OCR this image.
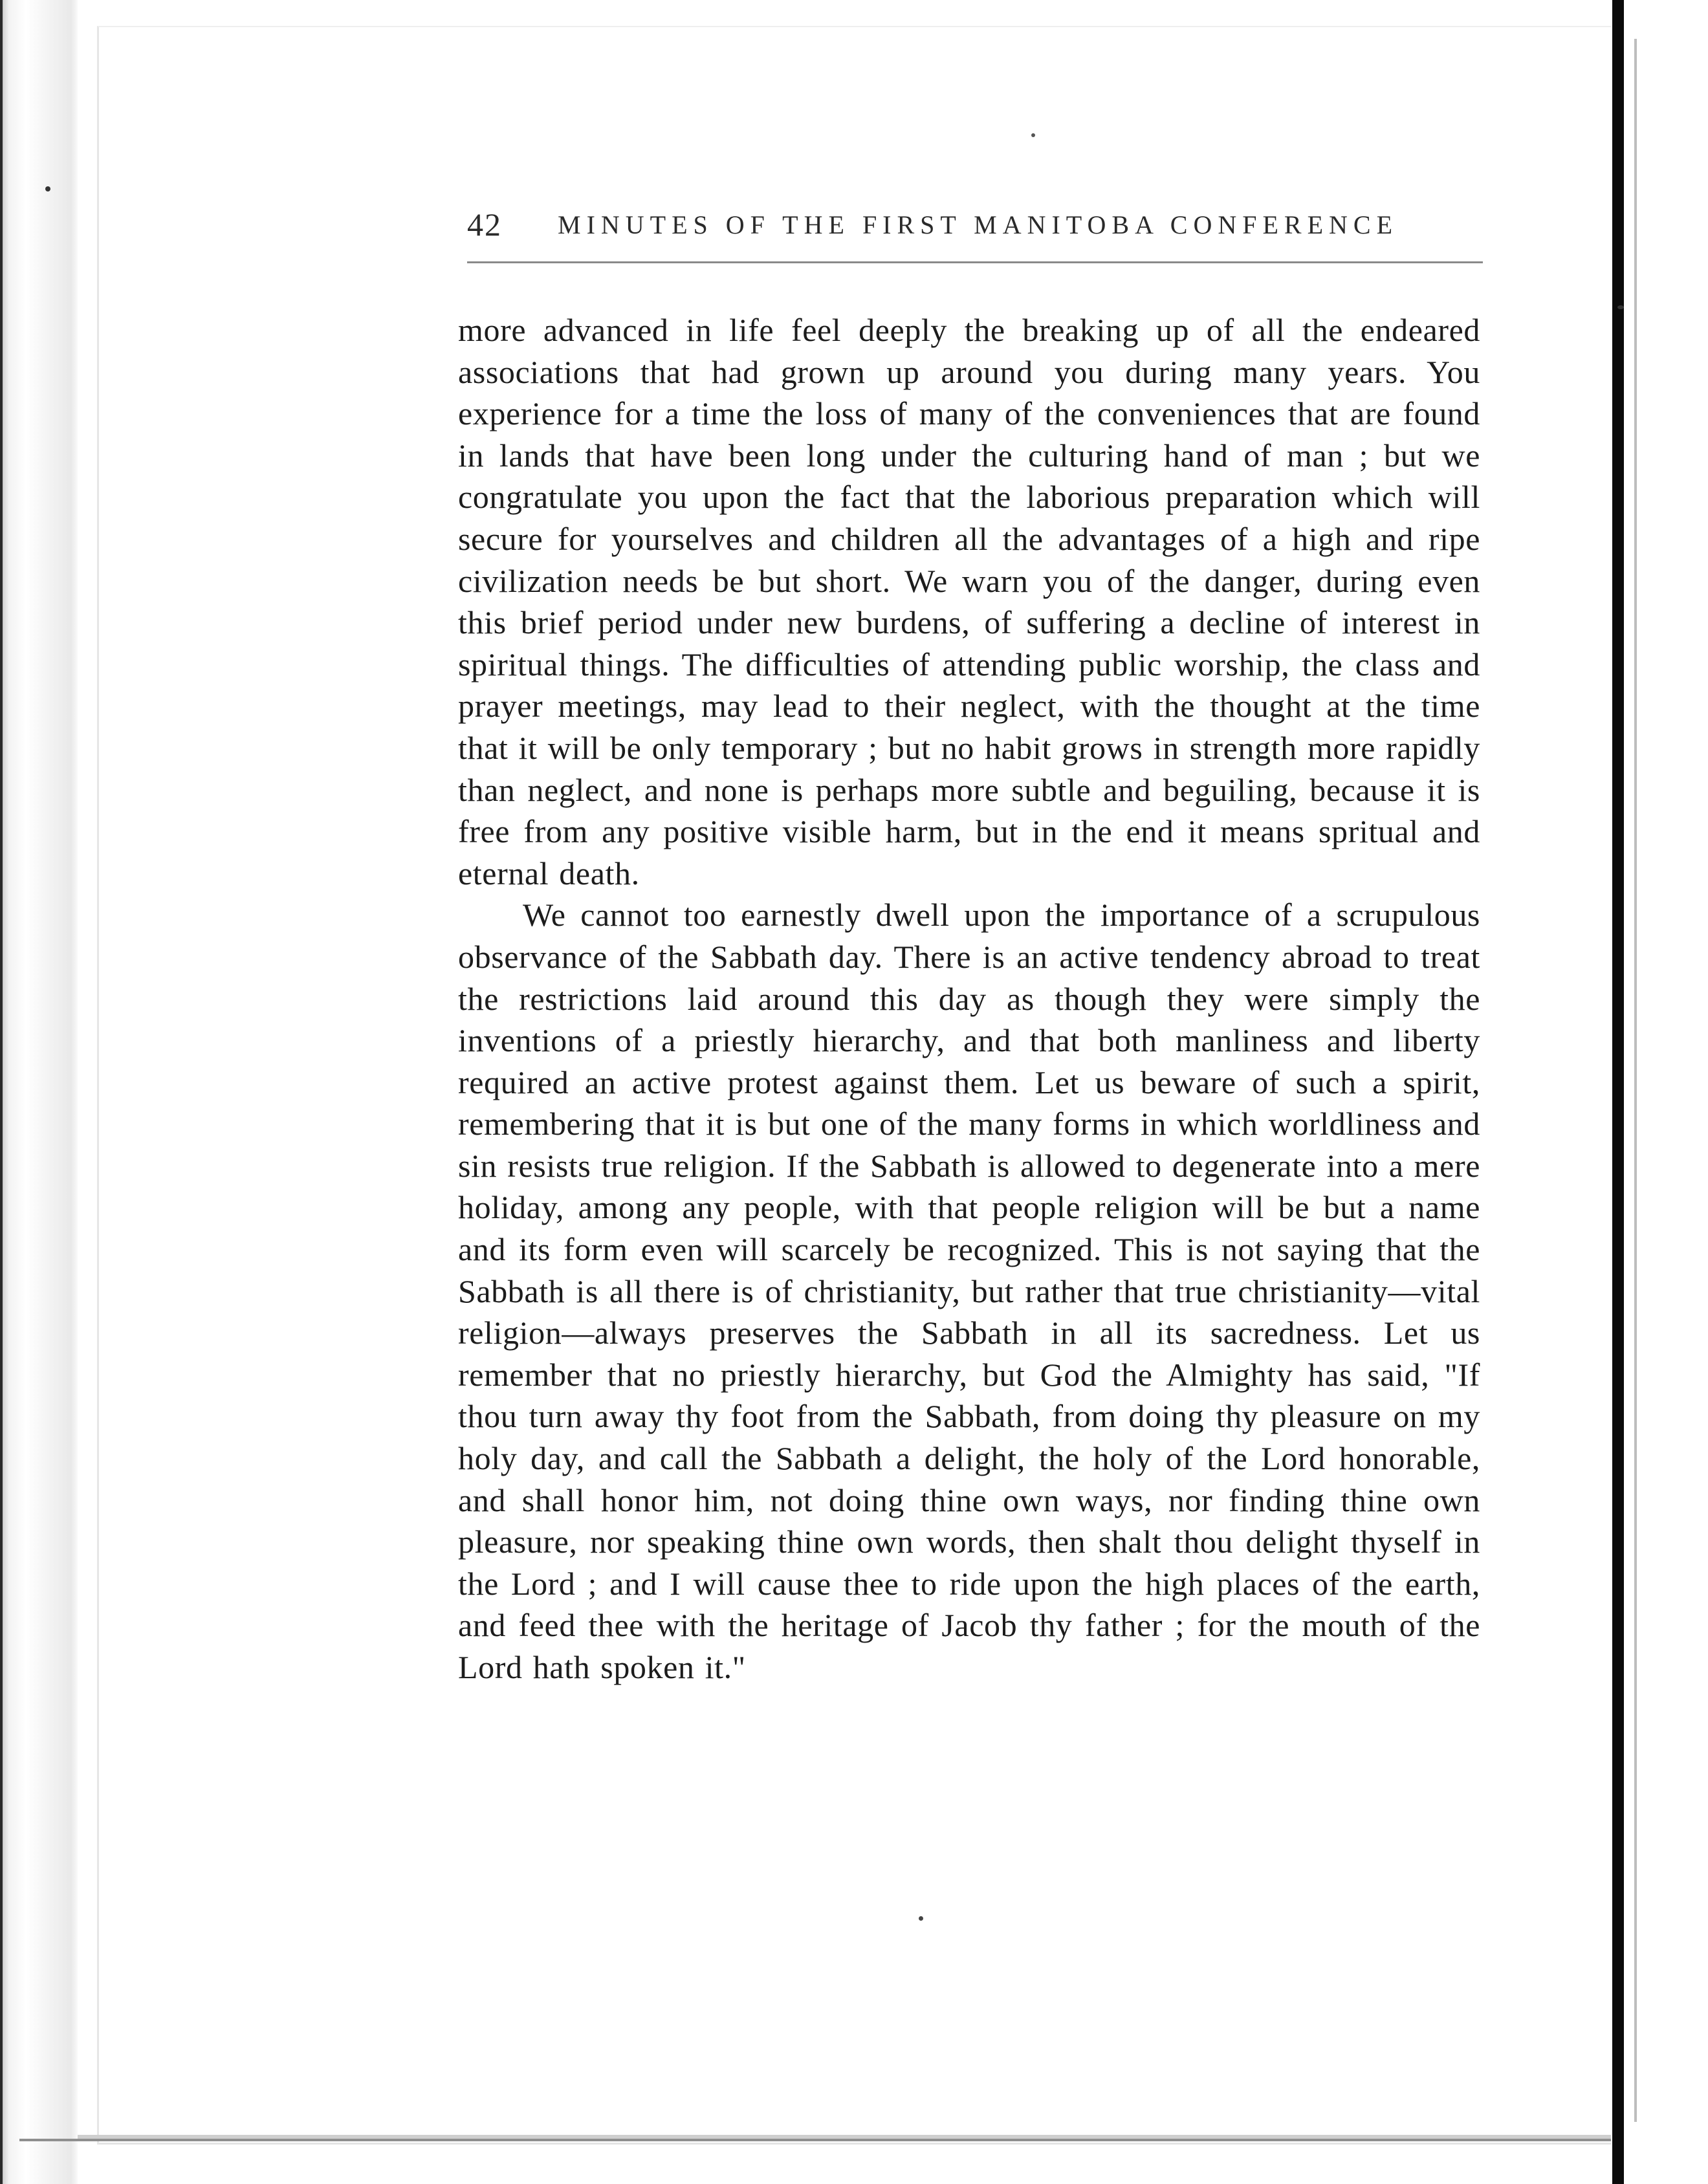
42 MINUTES OF THE FIRST MANITOBA CONFERENCE

more advanced in life feel deeply the breaking up of all the endeared associations that had grown up around you during many years. You experience for a time the loss of many of the conveniences that are found in lands that have been long under the culturing hand of man ; but we congratulate you upon the fact that the laborious preparation which will secure for yourselves and children all the advantages of a high and ripe civilization needs be but short. We warn you of the danger, during even this brief period under new burdens, of suffering a decline of interest in spiritual things. The difficulties of attending public worship, the class and prayer meetings, may lead to their neglect, with the thought at the time that it will be only temporary ; but no habit grows in strength more rapidly than neglect, and none is perhaps more subtle and beguiling, because it is free from any positive visible harm, but in the end it means spritual and eternal death.

We cannot too earnestly dwell upon the importance of a scrupulous observance of the Sabbath day. There is an active tendency abroad to treat the restrictions laid around this day as though they were simply the inventions of a priestly hierarchy, and that both manliness and liberty required an active protest against them. Let us beware of such a spirit, remembering that it is but one of the many forms in which worldliness and sin resists true religion. If the Sabbath is allowed to degenerate into a mere holiday, among any people, with that people religion will be but a name and its form even will scarcely be recognized. This is not saying that the Sabbath is all there is of christianity, but rather that true christianity—vital religion—always preserves the Sabbath in all its sacredness. Let us remember that no priestly hierarchy, but God the Almighty has said, "If thou turn away thy foot from the Sabbath, from doing thy pleasure on my holy day, and call the Sabbath a delight, the holy of the Lord honorable, and shall honor him, not doing thine own ways, nor finding thine own pleasure, nor speaking thine own words, then shalt thou delight thyself in the Lord ; and I will cause thee to ride upon the high places of the earth, and feed thee with the heritage of Jacob thy father ; for the mouth of the Lord hath spoken it."
